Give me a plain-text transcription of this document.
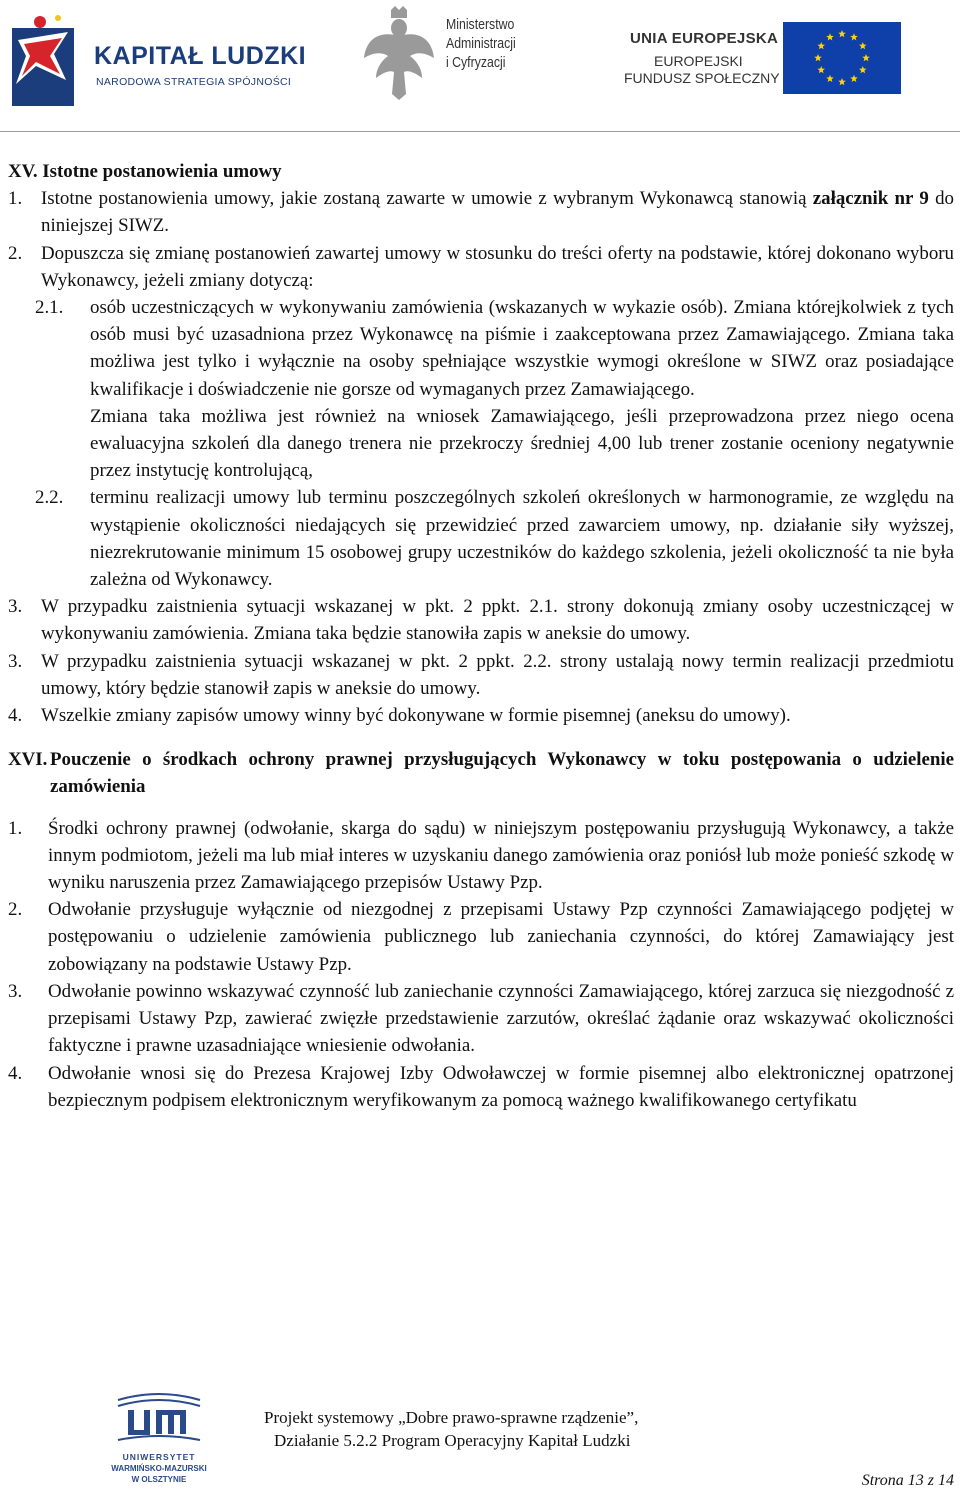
KAPITAŁ LUDZKI
NARODOWA STRATEGIA SPÓJNOŚCI
Ministerstwo
Administracji
i Cyfryzacji
UNIA EUROPEJSKA
EUROPEJSKI
FUNDUSZ SPOŁECZNY

XV. Istotne postanowienia umowy

1. Istotne postanowienia umowy, jakie zostaną zawarte w umowie z wybranym Wykonawcą stanowią załącznik nr 9 do niniejszej SIWZ.
2. Dopuszcza się zmianę postanowień zawartej umowy w stosunku do treści oferty na podstawie, której dokonano wyboru Wykonawcy, jeżeli zmiany dotyczą:
2.1.	osób uczestniczących w wykonywaniu zamówienia (wskazanych w wykazie osób). Zmiana którejkolwiek z tych osób musi być uzasadniona przez Wykonawcę na piśmie i zaakceptowana przez Zamawiającego. Zmiana taka możliwa jest tylko i wyłącznie na osoby spełniające wszystkie wymogi określone w SIWZ oraz posiadające kwalifikacje i doświadczenie nie gorsze od wymaganych przez Zamawiającego.
Zmiana taka możliwa jest również na wniosek Zamawiającego, jeśli przeprowadzona przez niego ocena ewaluacyjna szkoleń dla danego trenera nie przekroczy średniej 4,00 lub trener zostanie oceniony negatywnie przez instytucję kontrolującą,
2.2.	terminu realizacji umowy lub terminu poszczególnych szkoleń określonych w harmonogramie, ze względu na wystąpienie okoliczności niedających się przewidzieć przed zawarciem umowy, np. działanie siły wyższej, niezrekrutowanie minimum 15 osobowej grupy uczestników do każdego szkolenia, jeżeli okoliczność ta nie była zależna od Wykonawcy.
3. W przypadku zaistnienia sytuacji wskazanej w pkt. 2 ppkt. 2.1. strony dokonują zmiany osoby uczestniczącej w wykonywaniu zamówienia. Zmiana taka będzie stanowiła zapis w aneksie do umowy.
3. W przypadku zaistnienia sytuacji wskazanej w pkt. 2 ppkt. 2.2. strony ustalają nowy termin realizacji przedmiotu umowy, który będzie stanowił zapis w aneksie do umowy.
4. Wszelkie zmiany zapisów umowy winny być dokonywane w formie pisemnej (aneksu do umowy).
XVI. Pouczenie o środkach ochrony prawnej przysługujących Wykonawcy w toku postępowania o udzielenie zamówienia
1.	Środki ochrony prawnej (odwołanie, skarga do sądu) w niniejszym postępowaniu przysługują Wykonawcy, a także innym podmiotom, jeżeli ma lub miał interes w uzyskaniu danego zamówienia oraz poniósł lub może ponieść szkodę w wyniku naruszenia przez Zamawiającego przepisów Ustawy Pzp.
2.	Odwołanie przysługuje wyłącznie od niezgodnej z przepisami Ustawy Pzp czynności Zamawiającego podjętej w postępowaniu o udzielenie zamówienia publicznego lub zaniechania czynności, do której Zamawiający jest zobowiązany na podstawie Ustawy Pzp.
3.	Odwołanie powinno wskazywać czynność lub zaniechanie czynności Zamawiającego, której zarzuca się niezgodność z przepisami Ustawy Pzp, zawierać zwięzłe przedstawienie zarzutów, określać żądanie oraz wskazywać okoliczności faktyczne i prawne uzasadniające wniesienie odwołania.
4.	Odwołanie wnosi się do Prezesa Krajowej Izby Odwoławczej w formie pisemnej albo elektronicznej opatrzonej bezpiecznym podpisem elektronicznym weryfikowanym za pomocą ważnego kwalifikowanego certyfikatu
UNIWERSYTET
WARMIŃSKO-MAZURSKI
W OLSZTYNIE
Projekt systemowy „Dobre prawo-sprawne rządzenie”,
Działanie 5.2.2 Program Operacyjny Kapitał Ludzki
Strona 13 z 14
